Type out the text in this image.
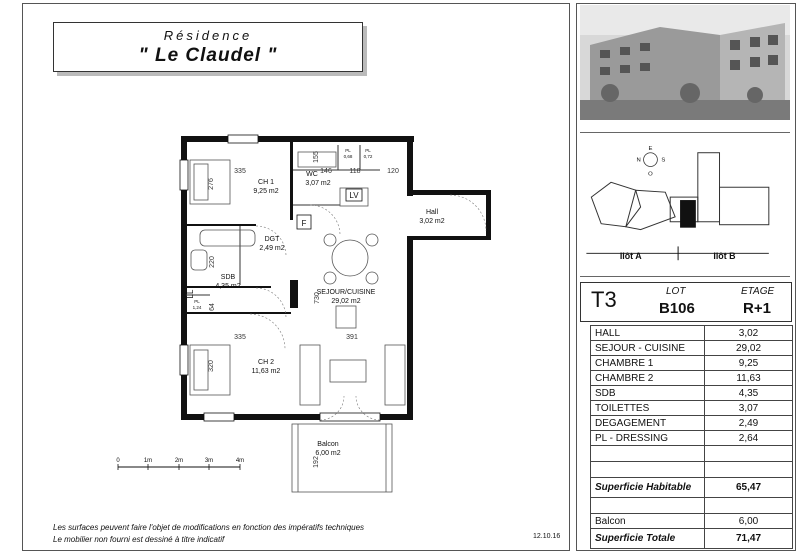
Résidence
" Le Claudel "
CH 1
9,25 m2
WC
3,07 m2
Hall
3,02 m2
DGT
2,49 m2
SDB
4,35 m2
SEJOUR/CUISINE
29,02 m2
CH 2
11,63 m2
Balcon
6,00 m2
PL
0,68
PL
0,72
PL
1,24
335
276
155
146	118	120
220
64
730
391
335
320
192
F
LV
LL
0	1m	2m	3m	4m
E
N	S
O
Ilôt A	Ilôt B
T3	LOT
B106
ETAGE
R+1
HALL	3,02
SEJOUR - CUISINE	29,02
CHAMBRE 1	9,25
CHAMBRE 2	11,63
SDB	4,35
TOILETTES	3,07
DEGAGEMENT	2,49
PL - DRESSING	2,64

Superficie Habitable	65,47

Balcon	6,00
Superficie Totale	71,47
Les surfaces peuvent faire l'objet de modifications en fonction des impératifs techniques
Le mobilier non fourni est dessiné à titre indicatif	12.10.16
